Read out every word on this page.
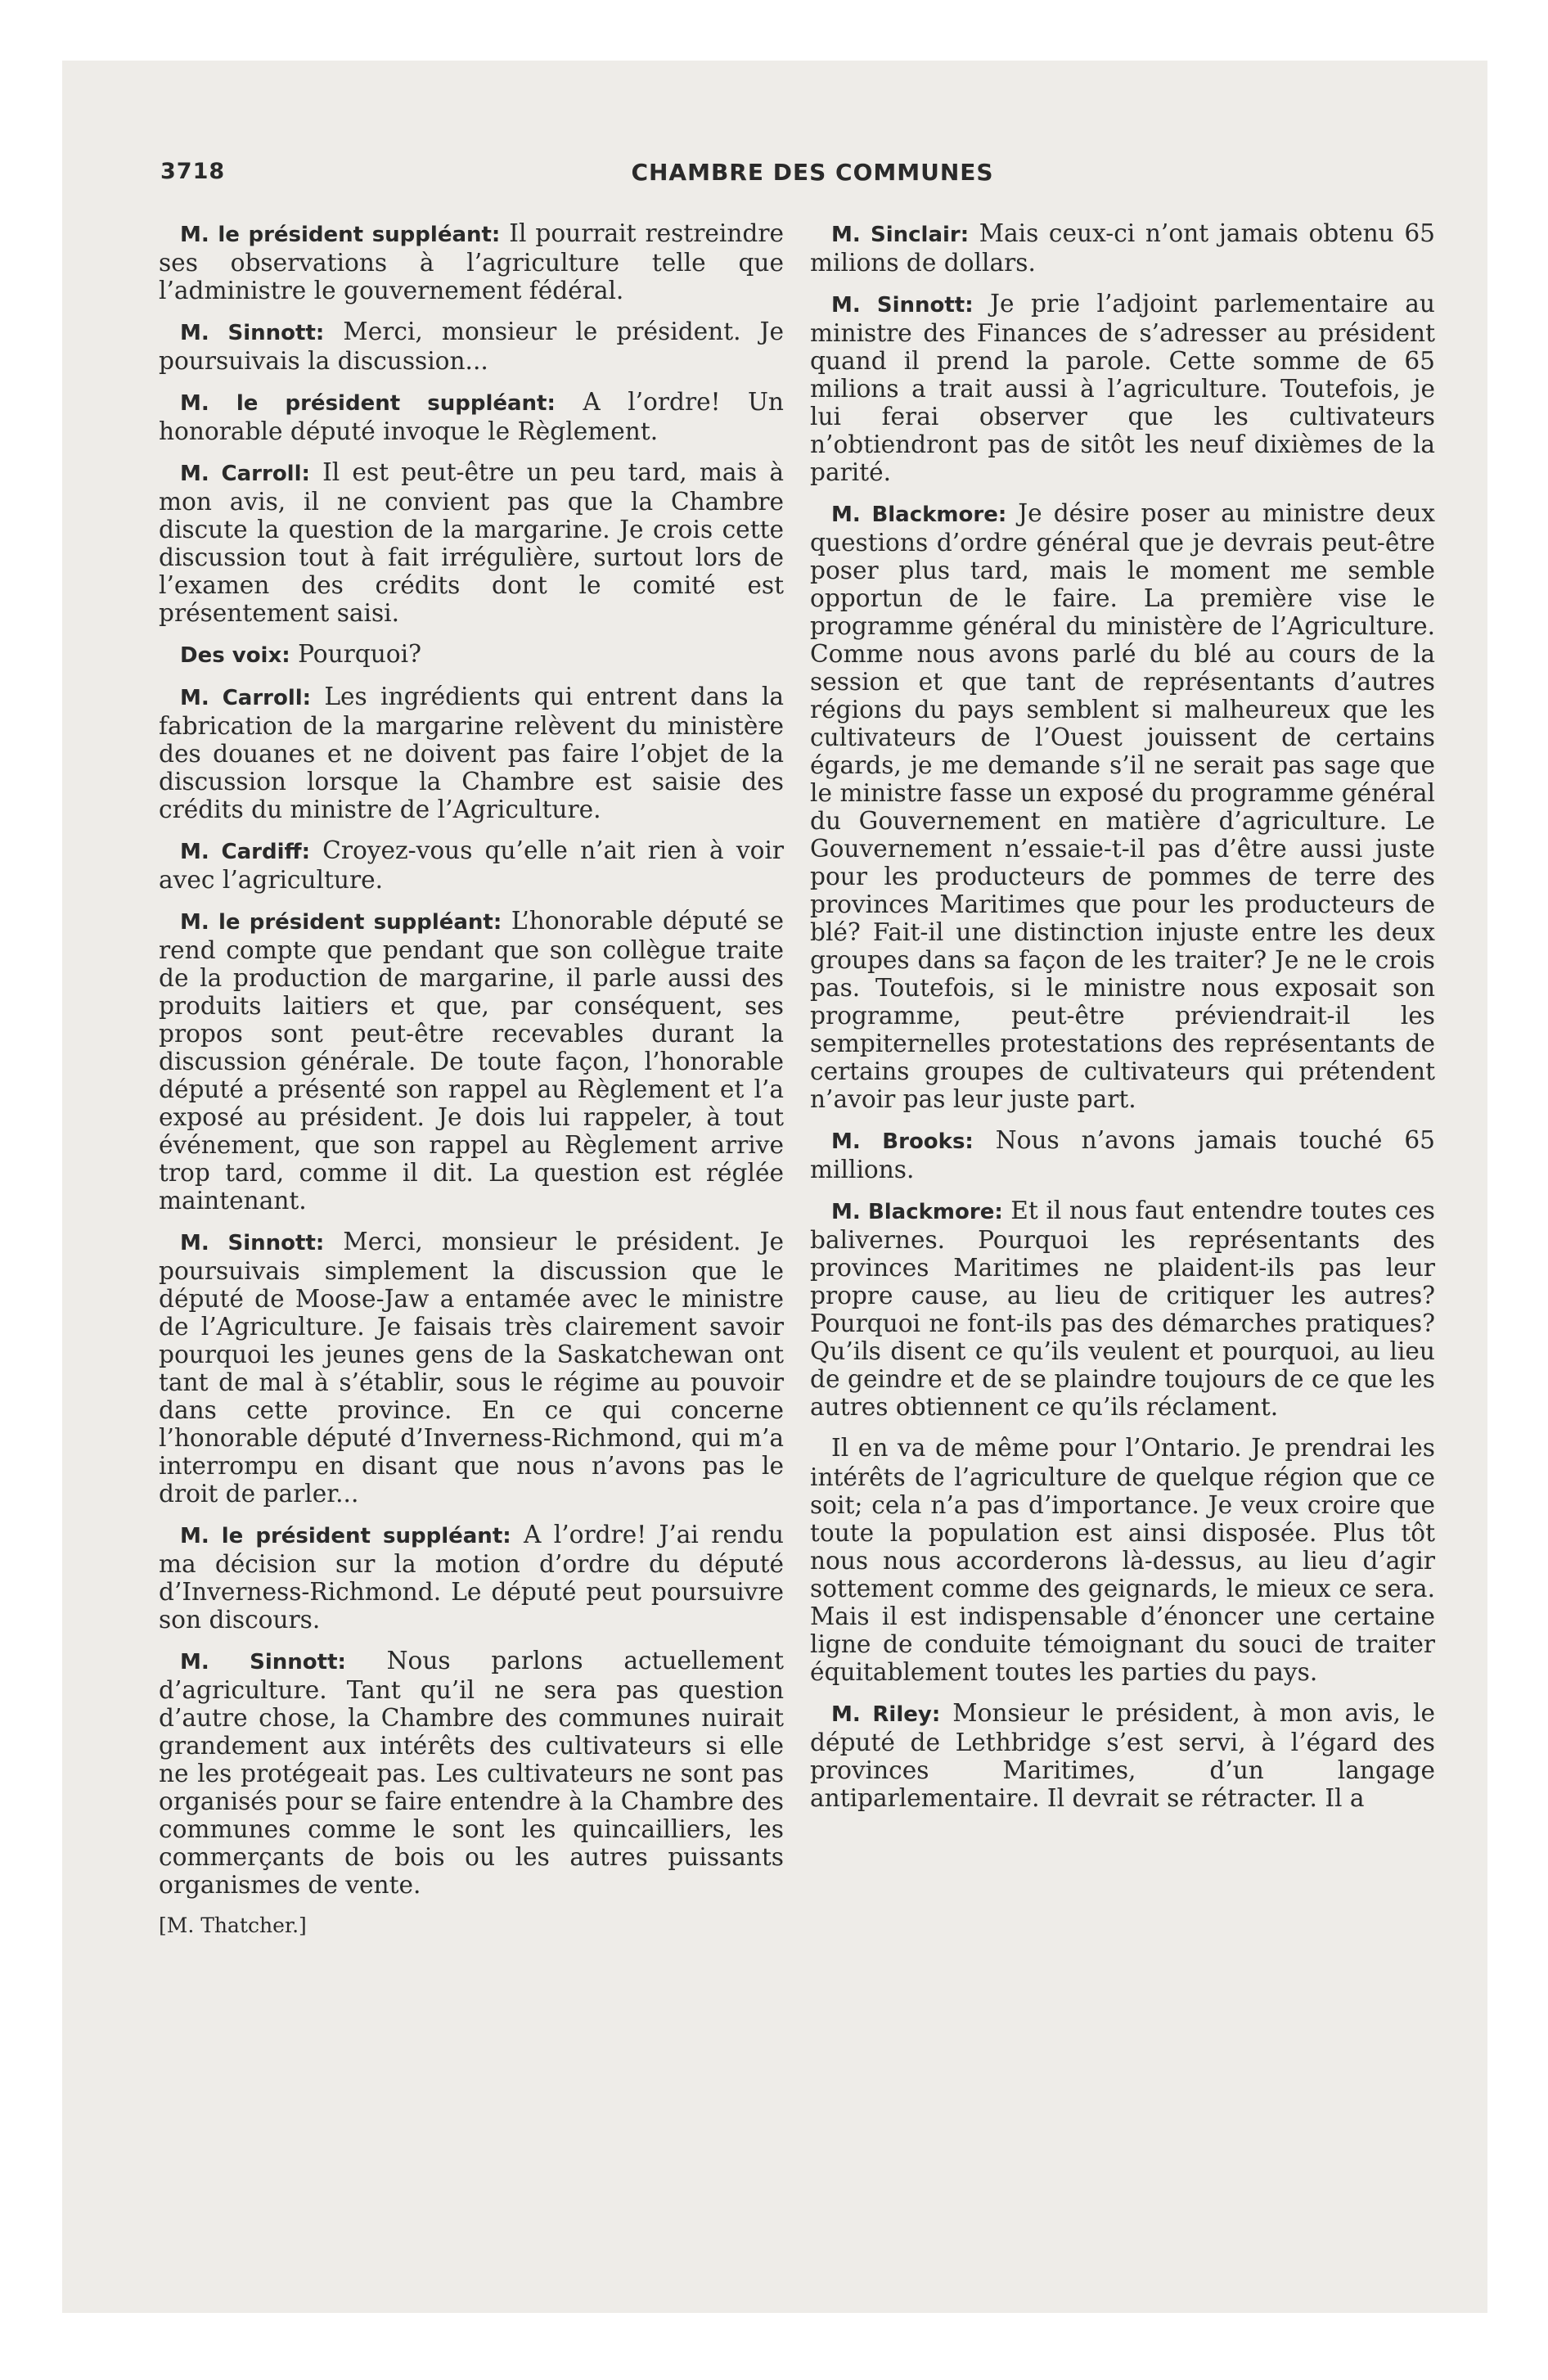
3718	CHAMBRE DES COMMUNES

M. le président suppléant: Il pourrait restreindre ses observations à l’agriculture telle que l’administre le gouvernement fédéral.

M. Sinnott: Merci, monsieur le président. Je poursuivais la discussion...

M. le président suppléant: A l’ordre! Un honorable député invoque le Règlement.

M. Carroll: Il est peut-être un peu tard, mais à mon avis, il ne convient pas que la Chambre discute la question de la margarine. Je crois cette discussion tout à fait irrégulière, surtout lors de l’examen des crédits dont le comité est présentement saisi.

Des voix: Pourquoi?

M. Carroll: Les ingrédients qui entrent dans la fabrication de la margarine relèvent du ministère des douanes et ne doivent pas faire l’objet de la discussion lorsque la Chambre est saisie des crédits du ministre de l’Agriculture.

M. Cardiff: Croyez-vous qu’elle n’ait rien à voir avec l’agriculture.

M. le président suppléant: L’honorable député se rend compte que pendant que son collègue traite de la production de margarine, il parle aussi des produits laitiers et que, par conséquent, ses propos sont peut-être recevables durant la discussion générale. De toute façon, l’honorable député a présenté son rappel au Règlement et l’a exposé au président. Je dois lui rappeler, à tout événement, que son rappel au Règlement arrive trop tard, comme il dit. La question est réglée maintenant.

M. Sinnott: Merci, monsieur le président. Je poursuivais simplement la discussion que le député de Moose-Jaw a entamée avec le ministre de l’Agriculture. Je faisais très clairement savoir pourquoi les jeunes gens de la Saskatchewan ont tant de mal à s’établir, sous le régime au pouvoir dans cette province. En ce qui concerne l’honorable député d’Inverness-Richmond, qui m’a interrompu en disant que nous n’avons pas le droit de parler...

M. le président suppléant: A l’ordre! J’ai rendu ma décision sur la motion d’ordre du député d’Inverness-Richmond. Le député peut poursuivre son discours.

M. Sinnott: Nous parlons actuellement d’agriculture. Tant qu’il ne sera pas question d’autre chose, la Chambre des communes nuirait grandement aux intérêts des cultivateurs si elle ne les protégeait pas. Les cultivateurs ne sont pas organisés pour se faire entendre à la Chambre des communes comme le sont les quincailliers, les commerçants de bois ou les autres puissants organismes de vente.

[M. Thatcher.]

M. Sinclair: Mais ceux-ci n’ont jamais obtenu 65 milions de dollars.

M. Sinnott: Je prie l’adjoint parlementaire au ministre des Finances de s’adresser au président quand il prend la parole. Cette somme de 65 milions a trait aussi à l’agriculture. Toutefois, je lui ferai observer que les cultivateurs n’obtiendront pas de sitôt les neuf dixièmes de la parité.

M. Blackmore: Je désire poser au ministre deux questions d’ordre général que je devrais peut-être poser plus tard, mais le moment me semble opportun de le faire. La première vise le programme général du ministère de l’Agriculture. Comme nous avons parlé du blé au cours de la session et que tant de représentants d’autres régions du pays semblent si malheureux que les cultivateurs de l’Ouest jouissent de certains égards, je me demande s’il ne serait pas sage que le ministre fasse un exposé du programme général du Gouvernement en matière d’agriculture. Le Gouvernement n’essaie-t-il pas d’être aussi juste pour les producteurs de pommes de terre des provinces Maritimes que pour les producteurs de blé? Fait-il une distinction injuste entre les deux groupes dans sa façon de les traiter? Je ne le crois pas. Toutefois, si le ministre nous exposait son programme, peut-être préviendrait-il les sempiternelles protestations des représentants de certains groupes de cultivateurs qui prétendent n’avoir pas leur juste part.

M. Brooks: Nous n’avons jamais touché 65 millions.

M. Blackmore: Et il nous faut entendre toutes ces balivernes. Pourquoi les représentants des provinces Maritimes ne plaident-ils pas leur propre cause, au lieu de critiquer les autres? Pourquoi ne font-ils pas des démarches pratiques? Qu’ils disent ce qu’ils veulent et pourquoi, au lieu de geindre et de se plaindre toujours de ce que les autres obtiennent ce qu’ils réclament.

Il en va de même pour l’Ontario. Je prendrai les intérêts de l’agriculture de quelque région que ce soit; cela n’a pas d’importance. Je veux croire que toute la population est ainsi disposée. Plus tôt nous nous accorderons là-dessus, au lieu d’agir sottement comme des geignards, le mieux ce sera. Mais il est indispensable d’énoncer une certaine ligne de conduite témoignant du souci de traiter équitablement toutes les parties du pays.

M. Riley: Monsieur le président, à mon avis, le député de Lethbridge s’est servi, à l’égard des provinces Maritimes, d’un langage antiparlementaire. Il devrait se rétracter. Il a
